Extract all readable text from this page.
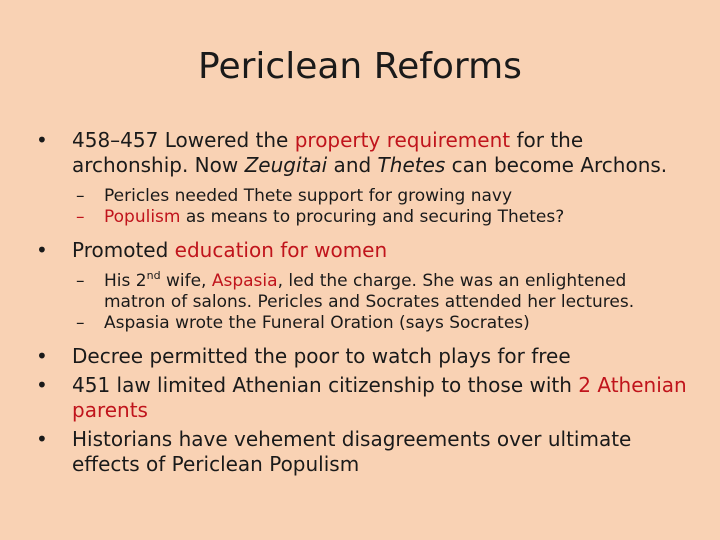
Periclean Reforms
• 458–457 Lowered the property requirement for the archonship. Now Zeugitai and Thetes can become Archons.
– Pericles needed Thete support for growing navy
– Populism as means to procuring and securing Thetes?
• Promoted education for women
– His 2nd wife, Aspasia, led the charge. She was an enlightened matron of salons. Pericles and Socrates attended her lectures.
– Aspasia wrote the Funeral Oration (says Socrates)
• Decree permitted the poor to watch plays for free
• 451 law limited Athenian citizenship to those with 2 Athenian parents
• Historians have vehement disagreements over ultimate effects of Periclean Populism
